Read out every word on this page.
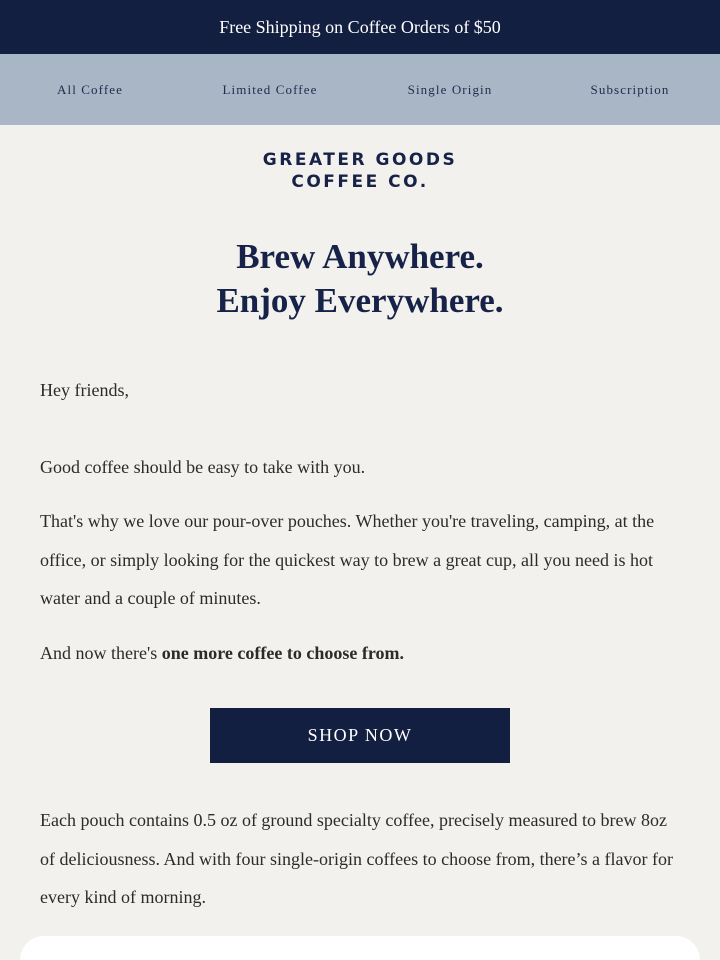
Free Shipping on Coffee Orders of $50
All Coffee	Limited Coffee	Single Origin	Subscription
GREATER GOODS
COFFEE CO.
Brew Anywhere.
Enjoy Everywhere.

Hey friends,

Good coffee should be easy to take with you.

That's why we love our pour-over pouches. Whether you're traveling, camping, at the office, or simply looking for the quickest way to brew a great cup, all you need is hot water and a couple of minutes.

And now there's one more coffee to choose from.

SHOP NOW

Each pouch contains 0.5 oz of ground specialty coffee, precisely measured to brew 8oz of deliciousness. And with four single-origin coffees to choose from, there’s a flavor for every kind of morning.
